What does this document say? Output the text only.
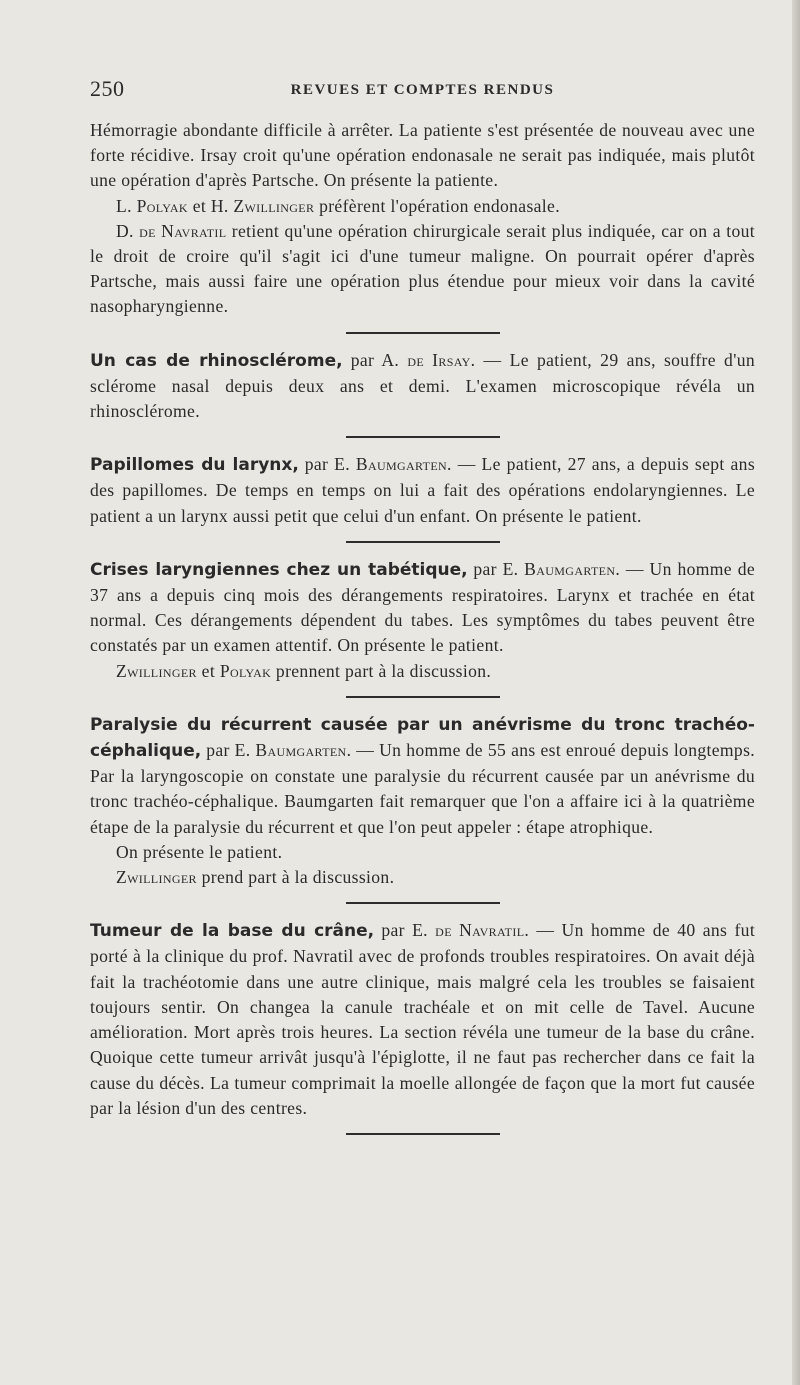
250	REVUES ET COMPTES RENDUS

Hémorragie abondante difficile à arrêter. La patiente s'est présentée de nouveau avec une forte récidive. Irsay croit qu'une opération endonasale ne serait pas indiquée, mais plutôt une opération d'après Partsche. On présente la patiente.

L. Polyak et H. Zwillinger préfèrent l'opération endonasale.

D. de Navratil retient qu'une opération chirurgicale serait plus indiquée, car on a tout le droit de croire qu'il s'agit ici d'une tumeur maligne. On pourrait opérer d'après Partsche, mais aussi faire une opération plus étendue pour mieux voir dans la cavité nasopharyngienne.

Un cas de rhinosclérome, par A. de Irsay. — Le patient, 29 ans, souffre d'un sclérome nasal depuis deux ans et demi. L'examen microscopique révéla un rhinosclérome.

Papillomes du larynx, par E. Baumgarten. — Le patient, 27 ans, a depuis sept ans des papillomes. De temps en temps on lui a fait des opérations endolaryngiennes. Le patient a un larynx aussi petit que celui d'un enfant. On présente le patient.

Crises laryngiennes chez un tabétique, par E. Baumgarten. — Un homme de 37 ans a depuis cinq mois des dérangements respiratoires. Larynx et trachée en état normal. Ces dérangements dépendent du tabes. Les symptômes du tabes peuvent être constatés par un examen attentif. On présente le patient.

Zwillinger et Polyak prennent part à la discussion.

Paralysie du récurrent causée par un anévrisme du tronc trachéo-céphalique, par E. Baumgarten. — Un homme de 55 ans est enroué depuis longtemps. Par la laryngoscopie on constate une paralysie du récurrent causée par un anévrisme du tronc trachéo-céphalique. Baumgarten fait remarquer que l'on a affaire ici à la quatrième étape de la paralysie du récurrent et que l'on peut appeler : étape atrophique.

On présente le patient.

Zwillinger prend part à la discussion.

Tumeur de la base du crâne, par E. de Navratil. — Un homme de 40 ans fut porté à la clinique du prof. Navratil avec de profonds troubles respiratoires. On avait déjà fait la trachéotomie dans une autre clinique, mais malgré cela les troubles se faisaient toujours sentir. On changea la canule trachéale et on mit celle de Tavel. Aucune amélioration. Mort après trois heures. La section révéla une tumeur de la base du crâne. Quoique cette tumeur arrivât jusqu'à l'épiglotte, il ne faut pas rechercher dans ce fait la cause du décès. La tumeur comprimait la moelle allongée de façon que la mort fut causée par la lésion d'un des centres.
